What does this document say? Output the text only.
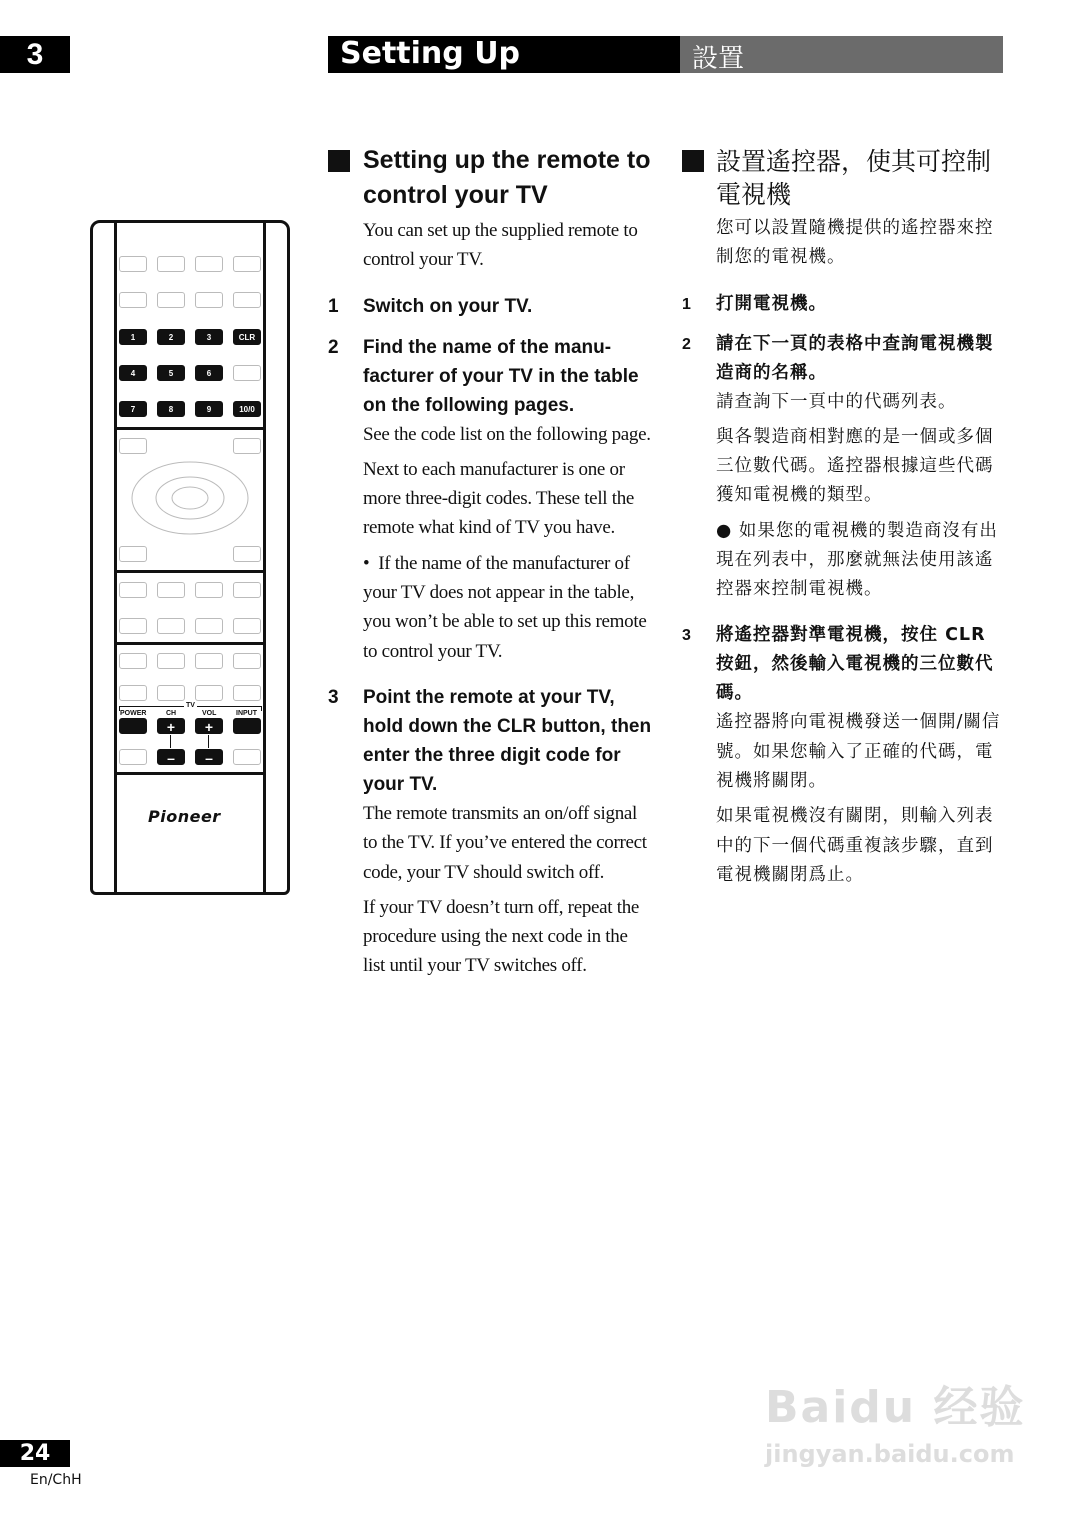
3	Setting Up	設置
1	2	3	CLR
4	5	6
7	8	9	10/0
TV
POWER	CH	VOL	INPUT
+	+
–	–
Pioneer
Setting up the remote to control your TV
You can set up the supplied remote to control your TV.
1	Switch on your TV.
2	Find the name of the manu-facturer of your TV in the table on the following pages.
See the code list on the following page.
Next to each manufacturer is one or more three-digit codes. These tell the remote what kind of TV you have.
•  If the name of the manufacturer of your TV does not appear in the table, you won’t be able to set up this remote to control your TV.
3	Point the remote at your TV, hold down the CLR button, then enter the three digit code for your TV.
The remote transmits an on/off signal to the TV. If you’ve entered the correct code, your TV should switch off.
If your TV doesn’t turn off, repeat the procedure using the next code in the list until your TV switches off.
設置遙控器，使其可控制電視機
您可以設置隨機提供的遙控器來控制您的電視機。
1	打開電視機。
2	請在下一頁的表格中查詢電視機製造商的名稱。
請查詢下一頁中的代碼列表。
與各製造商相對應的是一個或多個三位數代碼。遙控器根據這些代碼獲知電視機的類型。
● 如果您的電視機的製造商沒有出現在列表中，那麼就無法使用該遙控器來控制電視機。
3	將遙控器對準電視機，按住 CLR 按鈕，然後輸入電視機的三位數代碼。
遙控器將向電視機發送一個開/關信號。如果您輸入了正確的代碼，電視機將關閉。
如果電視機沒有關閉，則輸入列表中的下一個代碼重複該步驟，直到電視機關閉爲止。
Baidu 经验
jingyan.baidu.com
24
En/ChH
